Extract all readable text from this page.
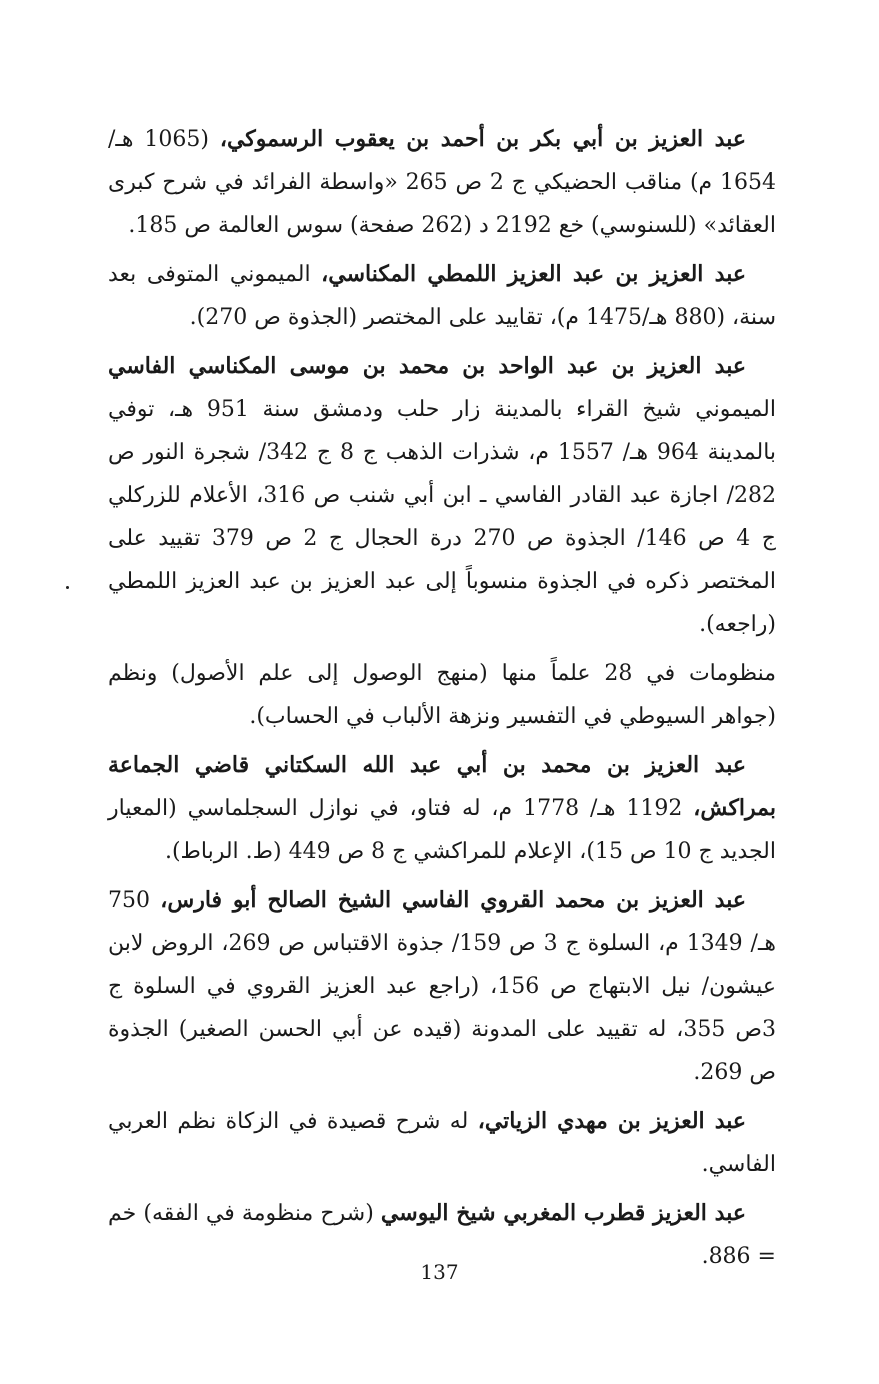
عبد العزيز بن أبي بكر بن أحمد بن يعقوب الرسموكي، (1065 هـ/ 1654 م) مناقب الحضيكي ج 2 ص 265 «واسطة الفرائد في شرح كبرى العقائد» (للسنوسي) خع 2192 د (262 صفحة) سوس العالمة ص 185.

عبد العزيز بن عبد العزيز اللمطي المكناسي، الميموني المتوفى بعد سنة، (880 هـ/1475 م)، تقاييد على المختصر (الجذوة ص 270).

عبد العزيز بن عبد الواحد بن محمد بن موسى المكناسي الفاسي الميموني شيخ القراء بالمدينة زار حلب ودمشق سنة 951 هـ، توفي بالمدينة 964 هـ/ 1557 م، شذرات الذهب ج 8 ج 342/ شجرة النور ص 282/ اجازة عبد القادر الفاسي ـ ابن أبي شنب ص 316، الأعلام للزركلي ج 4 ص 146/ الجذوة ص 270 درة الحجال ج 2 ص 379 تقييد على المختصر ذكره في الجذوة منسوباً إلى عبد العزيز بن عبد العزيز اللمطي (راجعه).

منظومات في 28 علماً منها (منهج الوصول إلى علم الأصول) ونظم (جواهر السيوطي في التفسير ونزهة الألباب في الحساب).

عبد العزيز بن محمد بن أبي عبد الله السكتاني قاضي الجماعة بمراكش، 1192 هـ/ 1778 م، له فتاو، في نوازل السجلماسي (المعيار الجديد ج 10 ص 15)، الإعلام للمراكشي ج 8 ص 449 (ط. الرباط).

عبد العزيز بن محمد القروي الفاسي الشيخ الصالح أبو فارس، 750 هـ/ 1349 م، السلوة ج 3 ص 159/ جذوة الاقتباس ص 269، الروض لابن عيشون/ نيل الابتهاج ص 156، (راجع عبد العزيز القروي في السلوة ج 3ص 355، له تقييد على المدونة (قيده عن أبي الحسن الصغير) الجذوة ص 269.

عبد العزيز بن مهدي الزياتي، له شرح قصيدة في الزكاة نظم العربي الفاسي.

عبد العزيز قطرب المغربي شيخ اليوسي (شرح منظومة في الفقه) خم = 886.

137
